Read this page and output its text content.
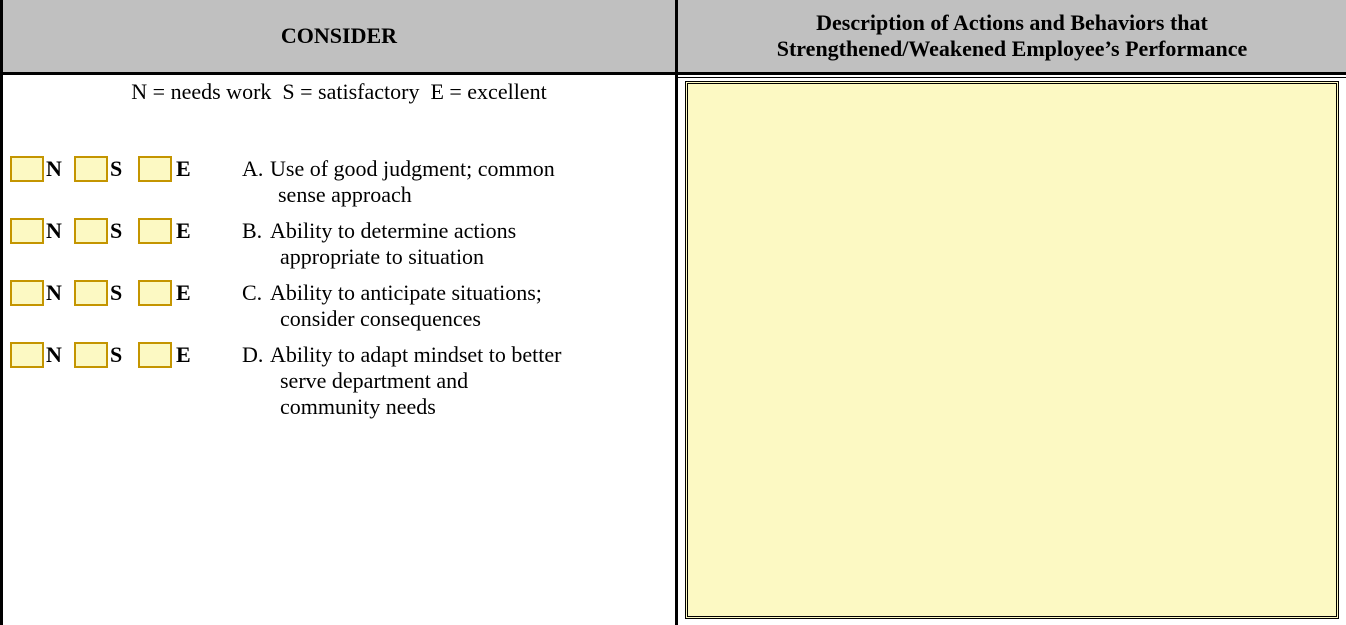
CONSIDER
Description of Actions and Behaviors that
Strengthened/Weakened Employee’s Performance
N = needs work  S = satisfactory  E = excellent
N S E A. Use of good judgment; common
sense approach
N S E B. Ability to determine actions
appropriate to situation
N S E C. Ability to anticipate situations;
consider consequences
N S E D. Ability to adapt mindset to better
serve department and
community needs
